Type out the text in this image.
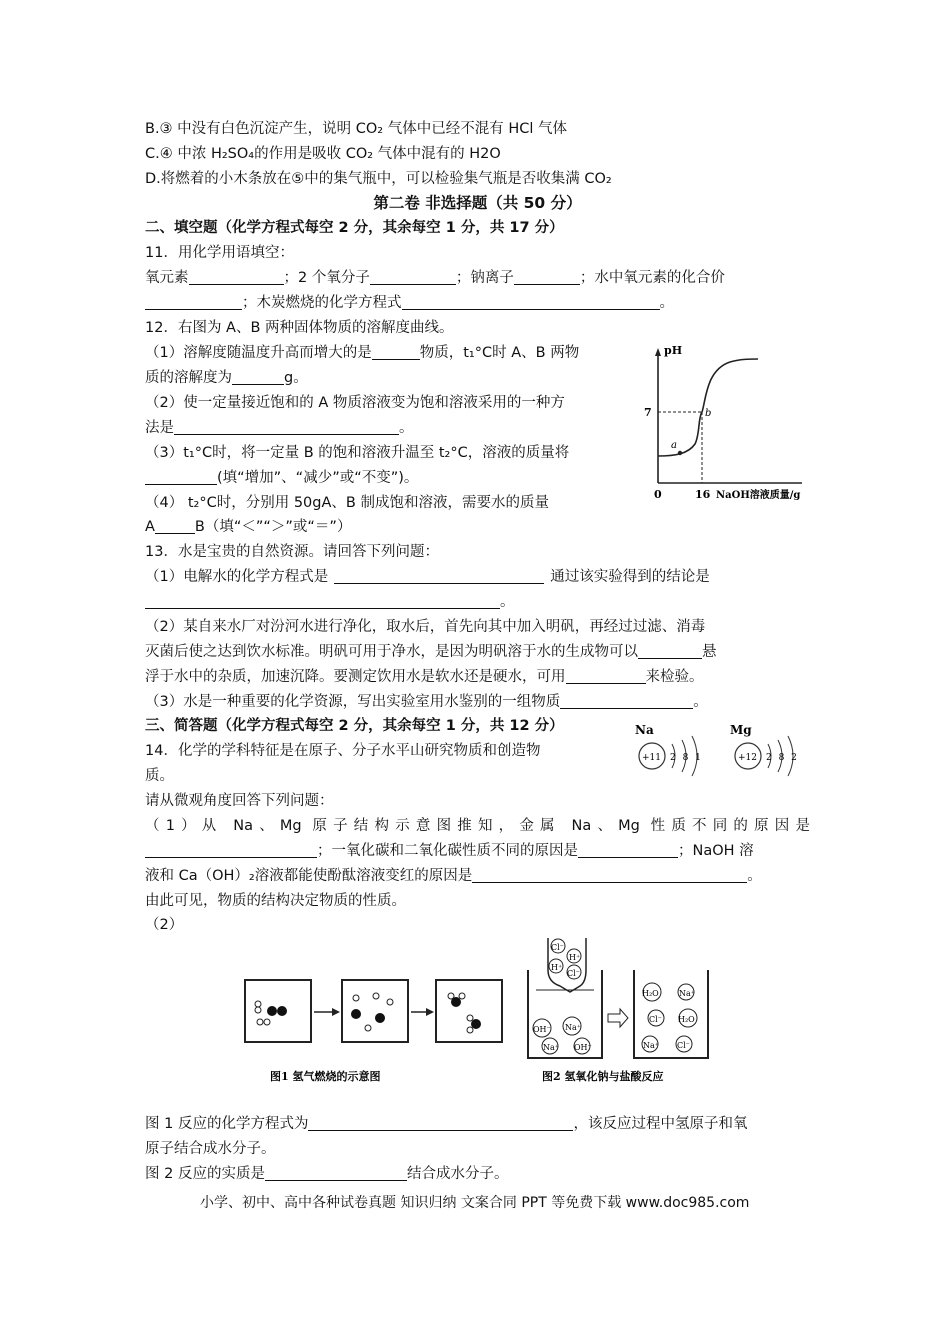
B.③ 中没有白色沉淀产生，说明 CO₂ 气体中已经不混有 HCl 气体
C.④ 中浓 H₂SO₄的作用是吸收 CO₂ 气体中混有的 H2O
D.将燃着的小木条放在⑤中的集气瓶中，可以检验集气瓶是否收集满 CO₂
第二卷 非选择题（共 50 分）
二、填空题（化学方程式每空 2 分，其余每空 1 分，共 17 分）
11．用化学用语填空：
氧元素	；2 个氧分子	；钠离子	；水中氧元素的化合价
；木炭燃烧的化学方程式	。
12．右图为 A、B 两种固体物质的溶解度曲线。
（1）溶解度随温度升高而增大的是	物质，t₁°C时 A、B 两物
质的溶解度为	g。
（2）使一定量接近饱和的 A 物质溶液变为饱和溶液采用的一种方
法是	。
（3）t₁°C时，将一定量 B 的饱和溶液升温至 t₂°C，溶液的质量将
(填“增加”、“减少”或“不变”)。
（4） t₂°C时，分别用 50gA、B 制成饱和溶液，需要水的质量
A	B（填“＜”“＞”或“＝”）
pH
7
a
b
0	16 NaOH溶液质量/g
13．水是宝贵的自然资源。请回答下列问题：
（1）电解水的化学方程式是	通过该实验得到的结论是
。
（2）某自来水厂对汾河水进行净化，取水后，首先向其中加入明矾，再经过过滤、消毒
灭菌后使之达到饮水标准。明矾可用于净水，是因为明矾溶于水的生成物可以	悬
浮于水中的杂质，加速沉降。要测定饮用水是软水还是硬水，可用	来检验。
（3）水是一种重要的化学资源，写出实验室用水鉴别的一组物质	。
三、简答题（化学方程式每空 2 分，其余每空 1 分，共 12 分）
14．化学的学科特征是在原子、分子水平山研究物质和创造物
质。
Na
+11 2 8 1
Mg
+12 2 8 2
请从微观角度回答下列问题：
（1）从 Na、Mg 原子结构示意图推知，金属 Na、Mg 性质不同的原因是
；一氧化碳和二氧化碳性质不同的原因是	；NaOH 溶
液和 Ca（OH）₂溶液都能使酚酞溶液变红的原因是	。
由此可见，物质的结构决定物质的性质。
（2）
图1 氢气燃烧的示意图
Cl⁻
H⁺
H⁺
Cl⁻
OH⁻ Na⁺
Na⁺ OH⁻
H₂O	Na⁺
Cl⁻ H₂O
Na⁺ Cl⁻
图2 氢氧化钠与盐酸反应
图 1 反应的化学方程式为	，该反应过程中氢原子和氧
原子结合成水分子。
图 2 反应的实质是	结合成水分子。
小学、初中、高中各种试卷真题 知识归纳 文案合同 PPT 等免费下载 www.doc985.com
